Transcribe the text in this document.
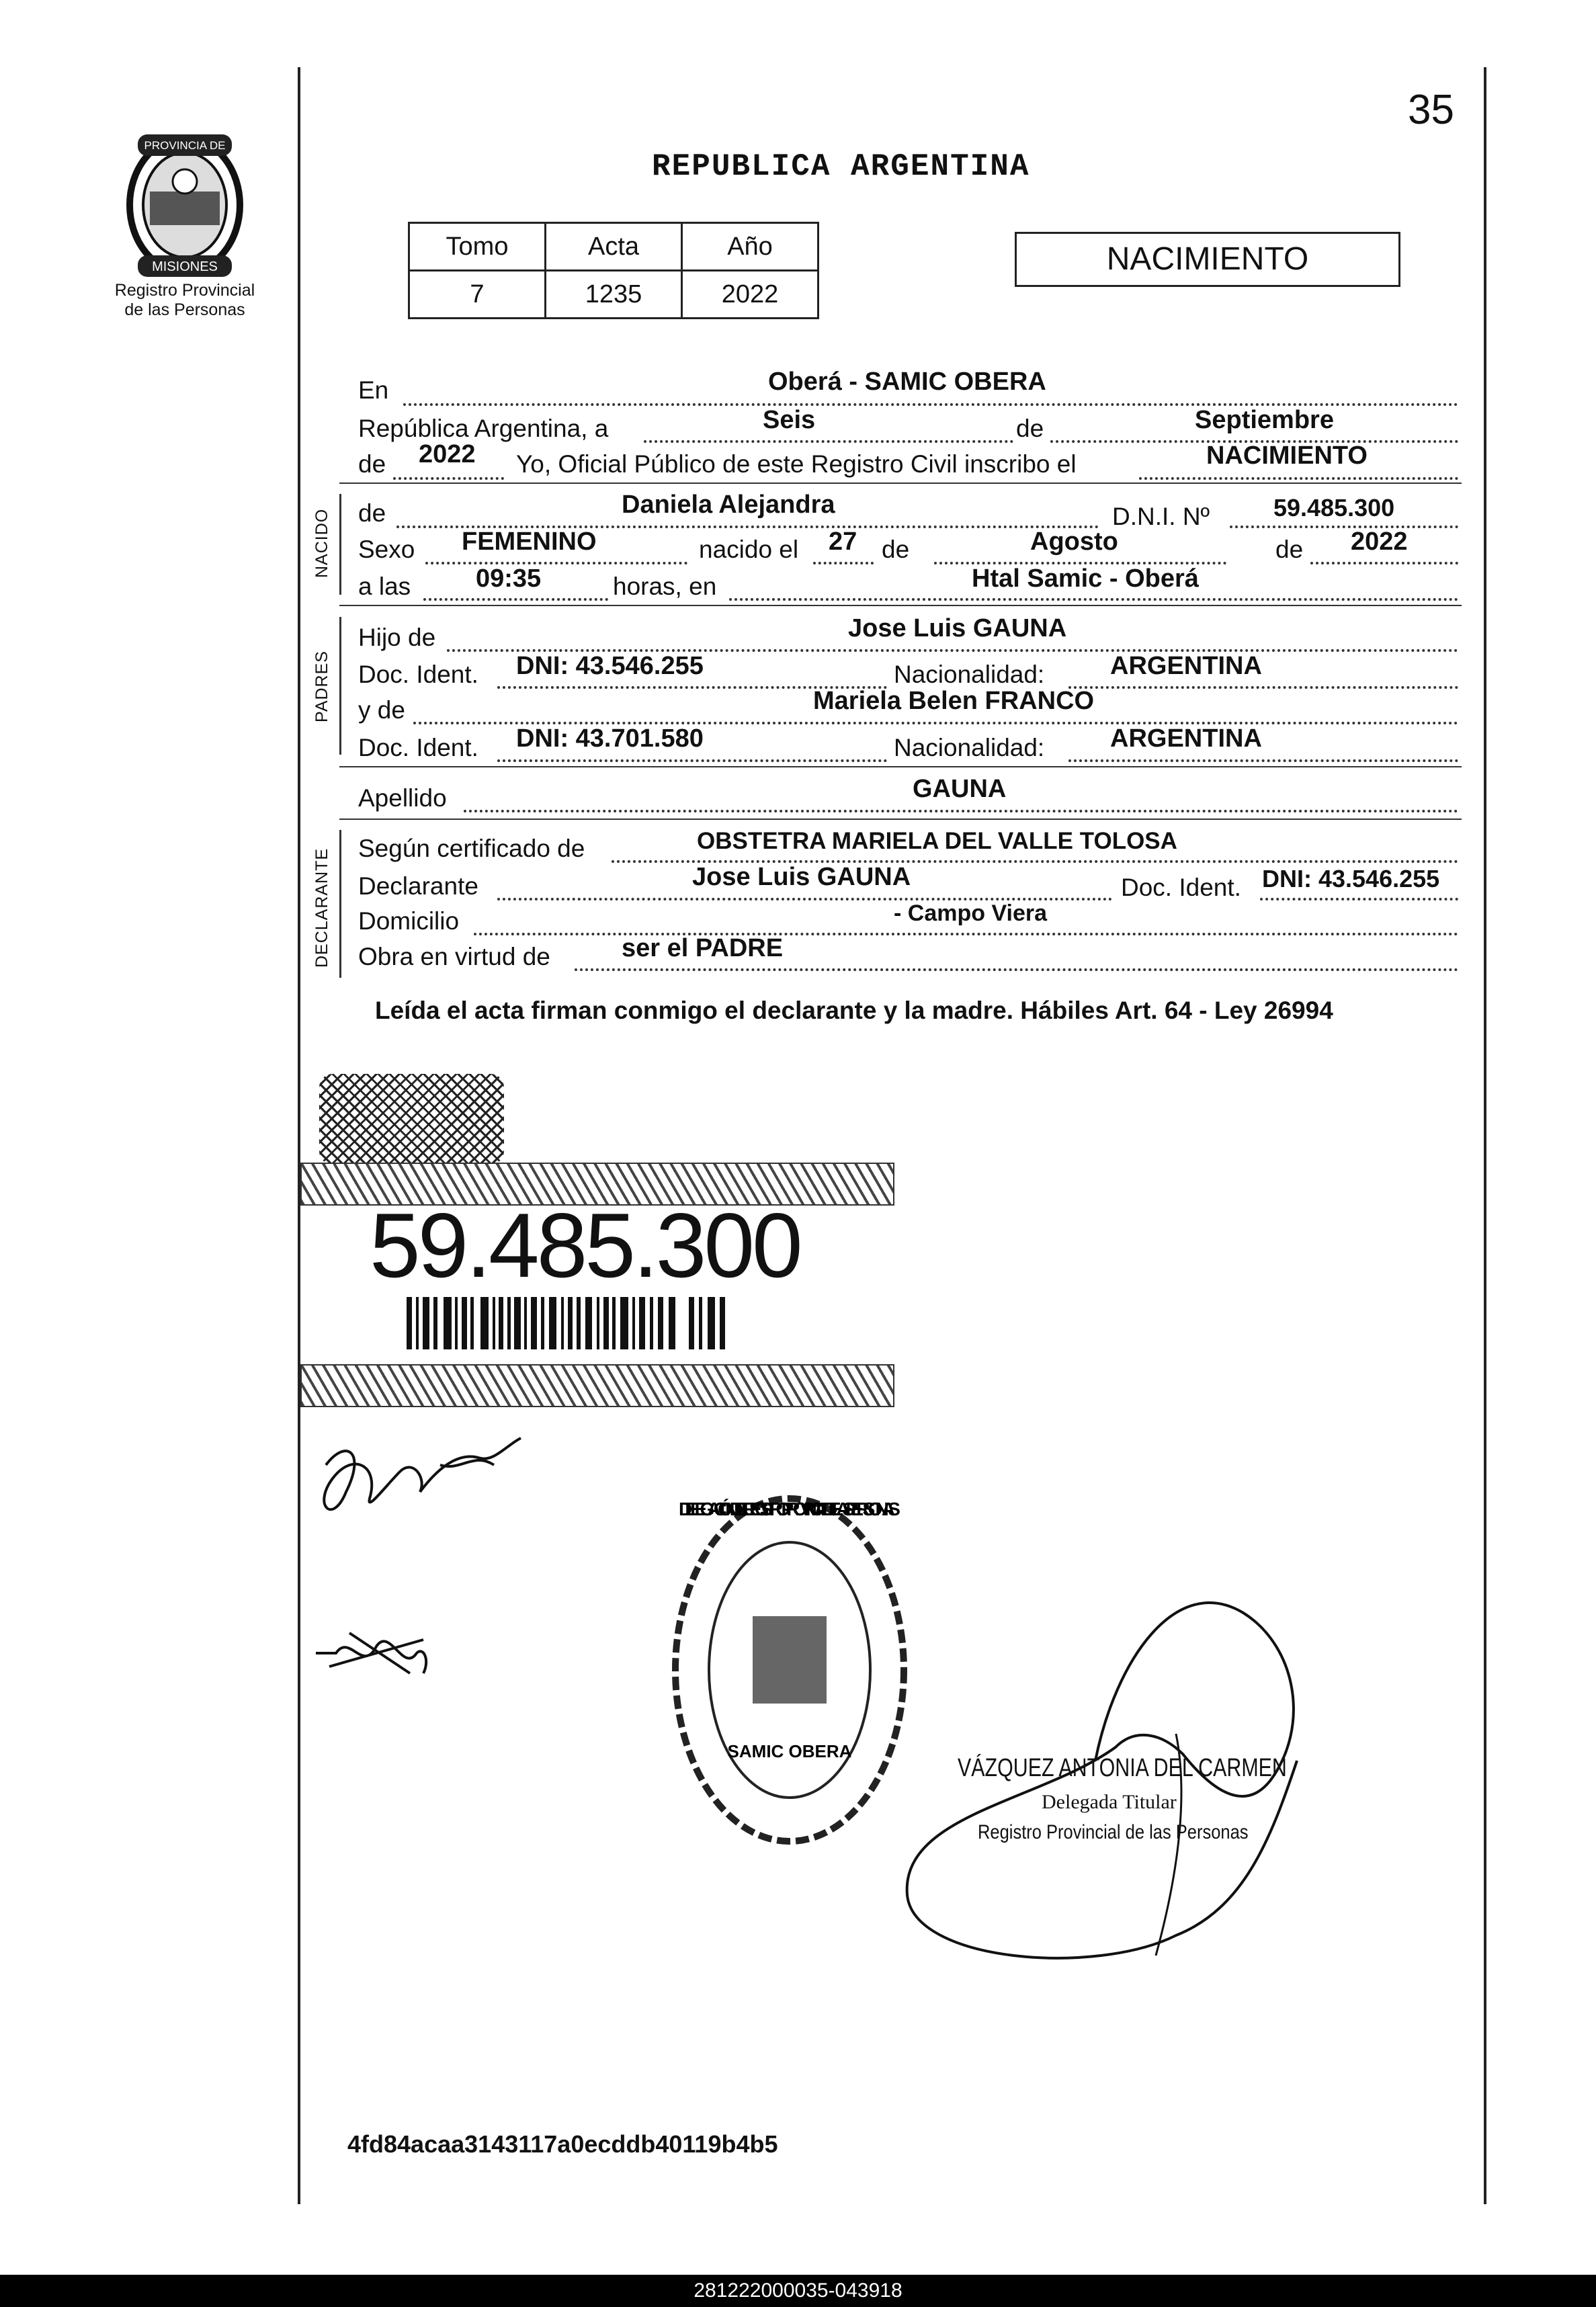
35
REPUBLICA ARGENTINA
PROVINCIA DE
MISIONES
Registro Provincial
de las Personas
Tomo	Acta	Año
7	1235	2022
NACIMIENTO
En	Oberá - SAMIC OBERA
República Argentina, a	Seis	de	Septiembre
de 2022 Yo, Oficial Público de este Registro Civil inscribo el	NACIMIENTO
NACIDO de	Daniela Alejandra	D.N.I. Nº	59.485.300
Sexo FEMENINO	nacido el 27 de	Agosto	de 2022
a las	09:35	horas, en	Htal Samic - Oberá
PADRES
Hijo de	Jose Luis GAUNA
Doc. Ident. DNI: 43.546.255	Nacionalidad:	ARGENTINA
y de	Mariela Belen FRANCO
Doc. Ident. DNI: 43.701.580	Nacionalidad:	ARGENTINA
Apellido	GAUNA
DECLARANTE Según certificado de	OBSTETRA MARIELA DEL VALLE TOLOSA
Declarante	Jose Luis GAUNA	Doc. Ident. DNI: 43.546.255
Domicilio	- Campo Viera
Obra en virtud de	ser el PADRE
Leída el acta firman conmigo el declarante y la madre. Hábiles Art. 64 - Ley 26994
59.485.300
DELEGACIÓN DEL REGISTRO PROVINCIAL DE LAS PERSONAS
SAMIC OBERA
VÁZQUEZ ANTONIA DEL CARMEN
Delegada Titular
Registro Provincial de las Personas
4fd84acaa3143117a0ecddb40119b4b5
281222000035-043918
